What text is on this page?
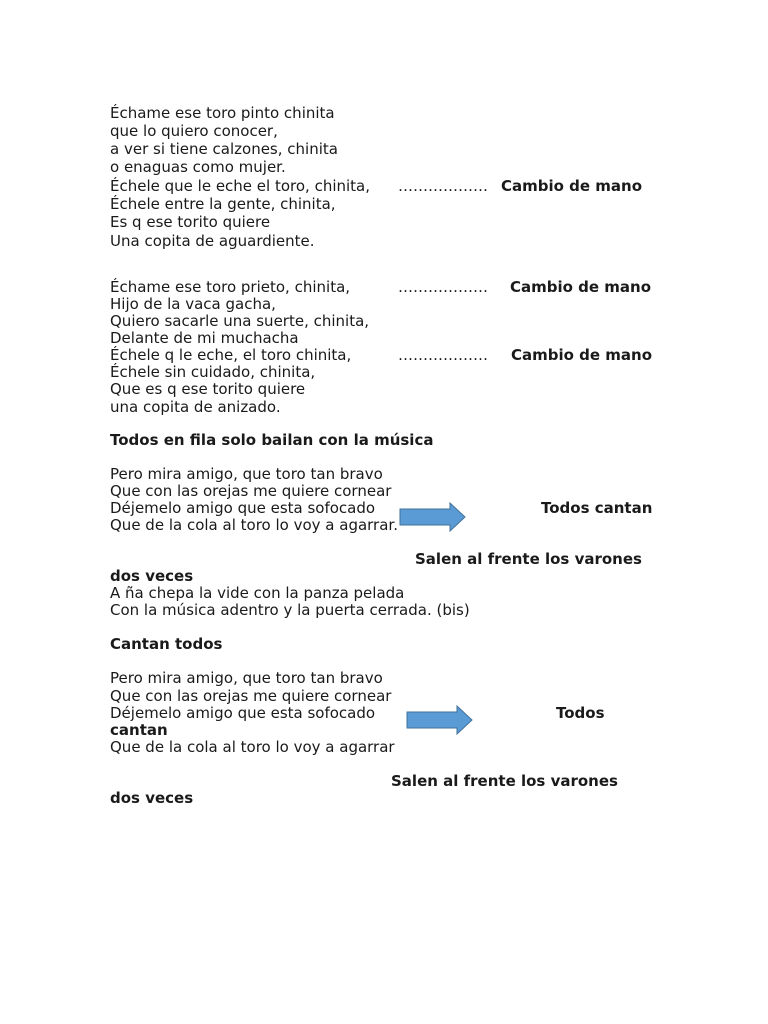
Échame ese toro pinto chinita

que lo quiero conocer,

a ver si tiene calzones, chinita

o enaguas como mujer.

Échele que le eche el toro, chinita, ……………… Cambio de mano

Échele entre la gente, chinita,

Es q ese torito quiere

Una copita de aguardiente.

Échame ese toro prieto, chinita,	……………… Cambio de mano

Hijo de la vaca gacha,

Quiero sacarle una suerte, chinita,

Delante de mi muchacha

Échele q le eche, el toro chinita,	……………… Cambio de mano

Échele sin cuidado, chinita,

Que es q ese torito quiere

una copita de anizado.

Todos en fila solo bailan con la música

Pero mira amigo, que toro tan bravo

Que con las orejas me quiere cornear

Déjemelo amigo que esta sofocado

Que de la cola al toro lo voy a agarrar.

Todos cantan

Salen al frente los varones

dos veces

A ña chepa la vide con la panza pelada

Con la música adentro y la puerta cerrada. (bis)

Cantan todos

Pero mira amigo, que toro tan bravo

Que con las orejas me quiere cornear

Déjemelo amigo que esta sofocado	Todos

cantan

Que de la cola al toro lo voy a agarrar

Salen al frente los varones

dos veces
